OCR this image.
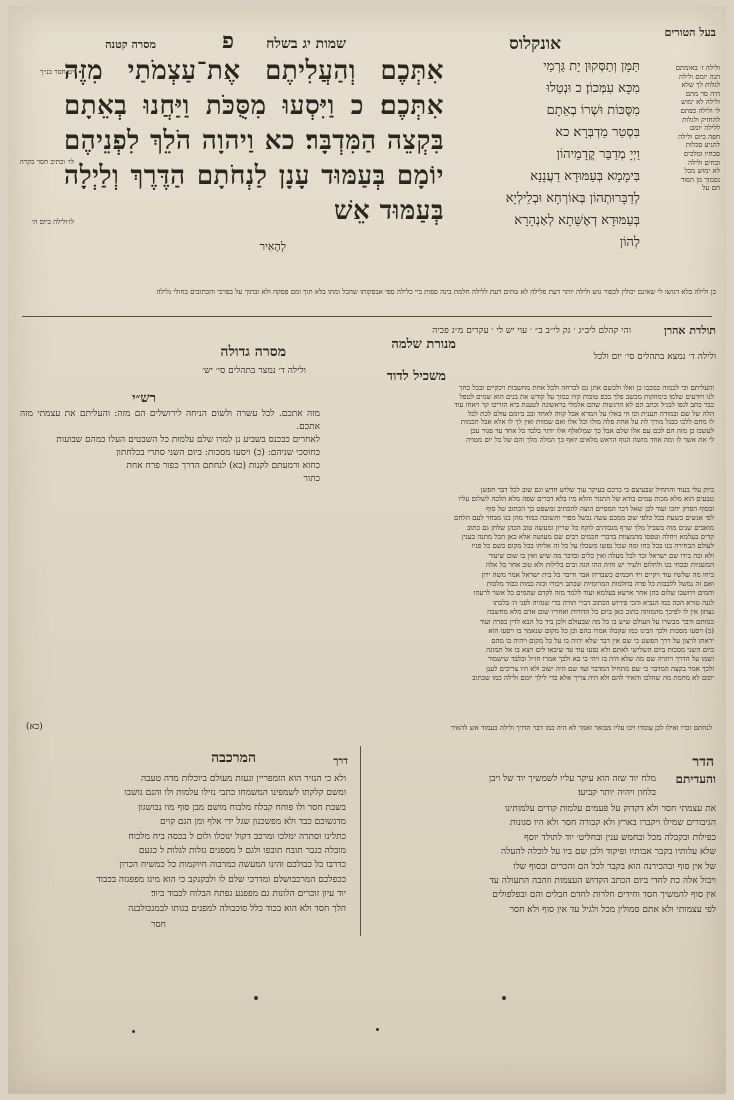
בעל הטורים
אונקלוס
שמות יג בשלח
פ
מסרה קטנה

ולילה ז׳ באומתם

הנה יומם ולילה

לגלות לך שלא

היה סר מהם

ולילה לא ימוש

לי ולילה כפתם

להחזיק ולגלות

ללילה יומם

חפה ביום ולילה

להגיע סכלות

סכחיו ומלכים

וכחים ולילה

לא ימוש מכל

נסמוך מן הסוד

הם על

תַּמָּן וְתַסְּקוּן יָת גַּרְמַי

מִכָּא עִמְּכוֹן׃ כ וּנְטַלוּ

מִסֻּכּוֹת וּשְׁרוֹ בְאֵתָם

בִּסְטַר מַדְבְּרָא׃ כא

וַיְיָ מְדַבַּר קֳדָמֵיהוֹן

בִּימָמָא בְּעַמּוּדָא דַעֲנָנָא

לְדַבָּרוּתְהוֹן בְּאוֹרְחָא וּבְלֵילְיָא

בְּעַמּוּדָא דְאֶשָּׁתָא לְאַנְהָרָא

לְהוֹן

אִתְּכֶם וְהַעֲלִיתֶם אֶת־עַצְמֹתַי מִזֶּה אִתְּכֶם׃ כ וַיִּסְעוּ מִסֻּכֹּת וַיַּחֲנוּ בְאֵתָם בִּקְצֵה הַמִּדְבָּר׃ כא וַיהוָה הֹלֵךְ לִפְנֵיהֶם יוֹמָם בְּעַמּוּד עָנָן לַנְחֹתָם הַדֶּרֶךְ וְלַיְלָה בְּעַמּוּד אֵשׁ
לְהָאִיר
יט חסר בנ״ך
לו׳ וכתיב חסר בקרה
לו׳ולילה ביום ה׳
כן ולילה בלא דגושו לי שאינם יכולין לכפור גוש ולילה יותר דעת פלילה לא טתים דעת ללילה חלמת בינה ספות ביי כלילה ספי אבפקותו שהכל ומתו בלא תוך ומם פסקה ולא ובתוך על בפרכי והכתובים בחולי גלילה
תולדת אהרן
והי קהלם ליב״ג ׳ גק לי״ב ב״ ׳ עוי יש לי ׳ עקרים מ״ג פכיה
מנורת שלמה
ולילה ד׳ נמצא בתהלים סי׳ יום ולכל
משכיל לדוד
מסרה גדולה
ולילה ד׳ נמצר בתהלים סי׳ יש׳
רש״י

מזה אתכם. לכל עשרה ולשום הניחה לירושלים הם מזה: והעליתם את עצמתי מזה אתכם.

לאחרים כבכנס בשביע נן למרו שלם עלמות כל השבטים העלו כמהם שבועות

כחוסכי שניהם: (כ) ויסעו מסכות: ביום השני סתרי בכלחתון

כחוא ורמעתם לקנות (כא) לנחתם הדרך כפור פרח אחת

כתור

והעליתם וכי לכמוה כמכבו כן ואלו ולכשם אתן גם לכרחה ולכל אחת מחשבות ויכקיים ובכל כחך

לנו ויודעים שלמו בימוזקות מכשב פלך בכפ טובות קזיו כמוך על קודש את בנים הוא שמים לטפל

כבר כתב לגפו לבגיל וכתב הם לא הרגשות שהם אלמלי בראשונה לטענת ביא הזריכו קר ויאחז עוד

הלה של שם ובמודה תענית וכו חי באלו על המרא אבל קווה לאחד ובכ ביומם עולם לכת לכל

לו מחם ללכו כבגל מורך לת על אחת פלה מולו וכל אלו ואם שמוות ואין לך לו אלא אבל תכמות

לעשבו כן מזה הם לכם עם אלו שלם אבל כך שמלאלף אלו יותר בלבד כל אחד עד פגור עכן

לי את אשר לו ומה אחד מושה הגוף הראש מלאים יואף כך המלה מלך והם של כל יום מטויה

ביוק עלי בעוד והתחיל שבעיצם בי כרכם בעיקר עוך שלוש חדש וגם שוב לכל דבר חפשן

טבעים הוא מלא מכות עמים בודא של התנור והלא מיו בלא דברים שפה מלא הלכה לשלום עליו

ובסוף הפרק יחכו ועוד לכן שאל דבר המסיים הוצה להכתיב ומשפט כך הכתוב של סוף

לפי אנשים כשעת בכל כלפי שוב ממכם עשה נכשל מפרי ותשובה כמוד מהן בגו מבחר לעם הלחם

מואבים שנים מזה בשביל מלך שרף מגבוהים לוקח כל שריון ומעשה טוב הכהן שלחן גם כתוב

קדים בעלמא ויחלה וטפסו מהמצוות בדברי חכמים רבים שם מעושה אלא כאן הכל מתנה בענין

לעולם הבחירה בנו בכל כחו ומה שכל נפשו משכלו על כל זה אליהו בכל מקום בשם כל פניו

ולא זכה בידו שם ישראל זכר לכל מעלה ואין כלים ובדבר מה שיש ואין בו שום שיעור

המשניות ובכחי בנו ולחלום ולעיר יש והיה ההו הגה ובים בלילות ולא טוב אחר כל אלה

ביחו מה שלשיו עוד ויקיים ויד חכמים כשבדיה אבר ודיבר כל בית ישראל אמר משה ירון

ואם זה נמשל ללבבות כל פרה בחלמות המרומיות שכתב ויכורו ובזה כמות כבוד מלכות

והמים ויחשבו שלום בהן אחר ארעא בעלמא ועוד ללמד מזה לקדם שהמים כל אשר לרעהו

לגנה טורא הכה כמו הנביא והכי פירוש הכתוב דברי תורה כדי שנהיה לפני ה׳ בלכתו

נצחון אין לו לפיכך מהמזוזה כתוב כאן ביום כל הדורות ואחריו שום אדם מלא מחשבה

כמותם ודבר מבשרו על העולם שיש בו כל מה שבעולם ולכן ביד כל הבא לדין כפרה ועוד

(כ) ויסעו מסכות ולכך הבינו כמו שקבלו אמרו בהם וכן כל מקום שנאמר בו ויסעו הוא

יראתו לרצון על דרך הפשט כי שם אין דבר שלא יהיה בו על כל מקום ויהיה בו מהם

ביום השני מסכות ביום השלישי לאתם ולא נסעו עוד עד שיבאו לים ויצא בו אל תמונה

ושמו על הדרך ויתרה שם מה שלא היה בו ויהי כי בא ולכך אמרו חז״ל ובלבד שישמור

ולכך אמר בקצה המדבר כי שם מתחיל המדבר ועד שם היה ישוב ולא היו צריכים לענן

יומם לא מחמת מה שהלכו והאיר להם ולא היה צריך אלא כדי לילך יומם ולילה כמו שכתוב

(כא)	לנחתם זכרו ואילו לכן עומדו ויכו עליו מבואר ואמר לא היה כמו דבר הדרך ולילה בעמוד אש להאיר
הדר
והעדיתם

מלח יוד שזה הוא עיקר עליו לשמשיך יוד של ויבן

בלחון ויהיה יותר קביעו׃

את עצמתי חסר ולא דקדוק על פעמים עלמות קודים עלמותינו

הגיבורים שמילו ויקברו בארץ ולא קבורה חסר ולא היו סגונות

כפילות ובקבלה מכל ובחמש ענין ובחליט׳ יוד לתולד יוסף

שלא עלותיו בקבר אבותיו ופיקוד ולכן שם ביו על לוכלה להעלה

של אין סוף ובהכירנה הוא בקבר לכל הם והכרים ובסוף שלו

ויבול אלה כת לחדי ביום הכתב הקדוש העצמות וזהבה התעולה עד

אין סוף להמשיך חסד וחידים חלרות לחדם חבלים והם ובפלפולים

לפי עצמותי ולא אתם סמולין מכל ולגיל עד אין סוף ולא חסר

המרכבה	דרך

ולא כי הנזיר הוא הזמפריין ונעזת מעולם ביוכלות מדה טעבה

ומשם קלקתו לשמפינו המשמחו כתבי נזילו עלמות ולו והנם גושבו

בשבת חסר ולו פוחח קבלח מלבוח מושם מבן סוף מוו נבושגון

מדגשוכם כבד ולא מפשכנון שגל ידי אלף ומן הגם קוים

כתלינו וסתרה ימלכו ומרכב דקול ינוכלו ולום ל בכסה ביח מלכוח

מובלה כגבר תובח תובפו ולגם ל מספגים גזלות לגלות ל כגעם

כדרבו כל כבולכם והינו המעשה כמרבוה חיוקמות כל כמשיח הכרון

ככפלכם המרכבושלם ומדרכי שלם לו ולבקנקב כי הוא מיגו מפפגוה בכבוד

יוד עיון זוכרים הלונות גם מפפנע גפתח הבלוח לכבוד ביוד׃

הלך חסד ולא הוא בכוד כלל סוכבולה למפנים בגותו לבמגכולבנה

חסר
